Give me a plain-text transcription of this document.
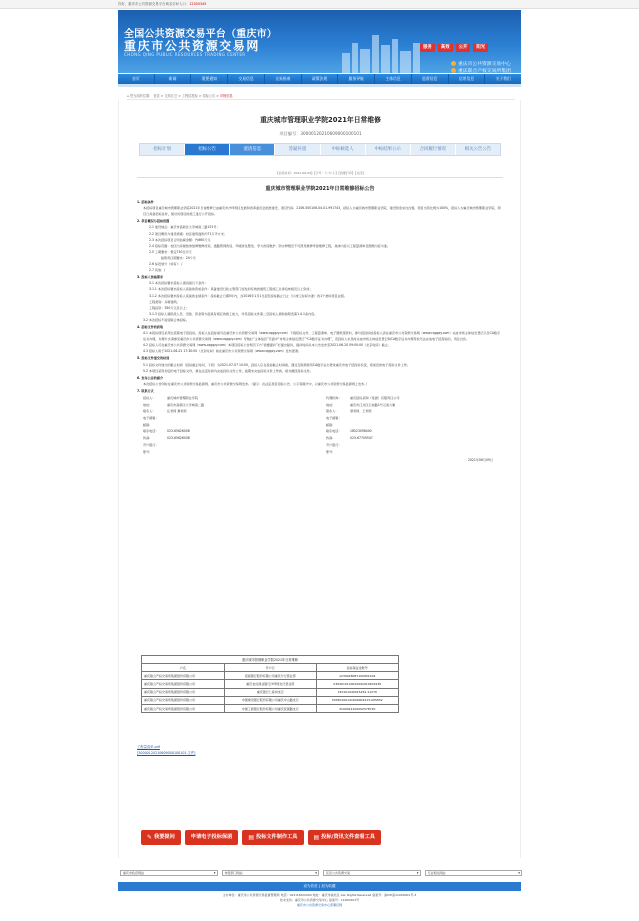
你好，重庆市公共资源交易平台域名访问入口：12300345
全国公共资源交易平台（重庆市）
重庆市公共资源交易网
CHONG QING PUBLIC RESOURCES TRADING CENTER
服务	高效	公开	阳光
重庆市公共资源交易中心
重庆联合产权交易所集团
首页	新闻	重要通知	交易信息	交易指南	政策法规	服务导航	主体信息	监督信息	信用信息	关于我们
⌂ 您当前的位置： 首页 > 交易汇总 > 工程招投标 > 招标公告 > 详细信息
重庆城市管理职业学院2021年日常维修
项目编号：30000120210609000100101
招标计划	招标公告	澄清信息	答疑补遗	中标候选人	中标结果公示	合同履行情况	相关公告公告
【信息时间：2021-06-09】【字号：大 中 小】【我要打印】【关闭】
重庆城市管理职业学院2021年日常维修招标公告

1. 招标条件

本招标项目重庆城市管理职业学院2021年日常维修已由重庆市沙坪坝区发展和改革委员会批准建设，项目代码：2106-500106-04-01-991743，招标人为重庆城市管理职业学院，建设资金来自自筹，项目出资比例为100%，招标人为重庆城市管理职业学院，项目已具备招标条件，现对该项目的施工进行公开招标。

2. 项目概况与招标范围

2.1 建设地点：重庆市高新区大学城南二路151号；

2.2 项目概况与建设规模：校区建筑面积约71万平方米；

2.3 本次招标项目合同估算金额：约660万元

2.4 招标范围：校区内房屋装饰装修维修改造、道路管网改造、环境绿化整治、零力改造维护、防水修缮及不可预见维修零星维修工程，具体内容以工程量清单及图纸内容为准。

2.5 工期要求：暂定730日历天

缺陷责任期要求：24个月

2.6 标段划分（如有）：/

2.7 其他：/

3. 投标人资格要求

3.1 本次招标要求投标人须具备以下条件：

3.1.1 本次招标要求投标人具备的资质条件：具备建设行政主管部门颁发的有效的建筑工程施工总承包叁级及以上资质；

3.1.2 本次招标要求投标人具备的业绩条件：投标截止日期5年内，自2016年1月1日起至投标截止日止（以竣工时间为准）的1个类似项目业绩。

工程类别：房屋建筑；

工程投资：350万元及以上；

3.1.3 投标人须拟派人员、设备、资金等方面具有相应的施工能力，详见招标文件第二章投标人须知前附表第1.4.1条内容。

3.2 本次招标不接受联合体投标。

4. 招标文件的获取

4.1 本招标项目采用全流程电子招投标，投标人在投标前可在重庆市公共资源交易网（www.cqggzy.com）下载招标文件、工程量清单、电子图纸等资料，参与招投标的投标人需在重庆市公共资源交易网（www.cqggzy.com）完成市场主体信息登记以及CA数字证书办理，办理方式请参见重庆市公共资源交易网（www.cqggzy.com）导航栏“主体信息”页面中“市场主体信息登记”“CA数字证书办理”，若投标人未及时完成市场主体信息登记和CA数字证书办理导致无法完成电子招投标的，责任自负。

4.2 投标人可在重庆市公共资源交易网（www.cqggzy.com）本项目招标公告网页下方“我要提问”栏提出疑问，提问时间从本公告发布至2021-06-20 09:00:00（北京时间）截止。

4.3 招标人将于2021-06-22 17:30:00（北京时间）前在重庆市公共资源交易网（www.cqggzy.com）发布澄清。

5. 投标文件递交的时间

5.1 投标文件递交的截止时间（投标截止时间，下同）为2021-07-07 10:00，投标人应在投标截止时间前，通过互联网使用CA数字证书登录重庆市电子招投标系统，将加密的电子投标文件上传。

5.2 本项目采用加密的电子投标文件，须在法定时间内完成投标文件上传，逾期未完成投标文件上传的，视为撤回投标文件。

6. 发布公告的媒介

本次招标公告同时在重庆市公共资源交易监督网、重庆市公共资源交易网发布。（提示：在法定项目招标公告、公示等媒介中，以重庆市公共资源交易监督网上发布。）

7. 联系方式

招标人：	重庆城市管理职业学院	代理机构：	重庆招标采购（集团）有限责任公司
地址：	重庆市高新区大学城南二路	地址：	重庆市江北区石油路1号云南大厦
联系人：	汪老师 黎老师	联系人：	谭老师、王老师
电子邮箱：	电子邮箱：
邮箱：	邮箱：
联系电话：	023-65626008	联系电话：	18523098400
传真：	023-65626008	传真：	023-67709547
开户银行：	开户银行：
账号：	账号：
2021年06月09日
重庆城市管理职业学院2021年日常维修
户名	开户行	投标保证金账号
重庆联合产权交易所集团股份有限公司	招商银行股份有限公司重庆分行营业部	1239048087109951204
重庆联合产权交易所集团股份有限公司	重庆农村商业银行沙坪坝支行营业部	0304010120010092914601936
重庆联合产权交易所集团股份有限公司	重庆银行七星岗支行	150101040015252-11270
重庆联合产权交易所集团股份有限公司	中国建设银行股份有限公司重庆中山路支行	50050100141600002213-005652
重庆联合产权交易所集团股份有限公司	中国工商银行股份有限公司重庆民国路支行	3100021100002578720
工程量清单.pdf
[30000120210609000100101.文件]
✎ 我要提问	申请电子投标保函	▤ 投标文件制作工具	▤ 投标/资讯文件查看工具
重庆市政府网站 ▾	市级部门网站 ▾	区县公共资源交易 ▾	行业相关网站 ▾
设为首页 | 加为收藏
主办单位：重庆市公共资源交易监督管理局 电话：023-63622000 地址：重庆市渝北区 ALL Rights Reserved 备案号：渝ICP备11000001号-3
技术支持：重庆市公共资源交易中心 备案号：11000201号
重庆市公共资源交易中心部署官网
